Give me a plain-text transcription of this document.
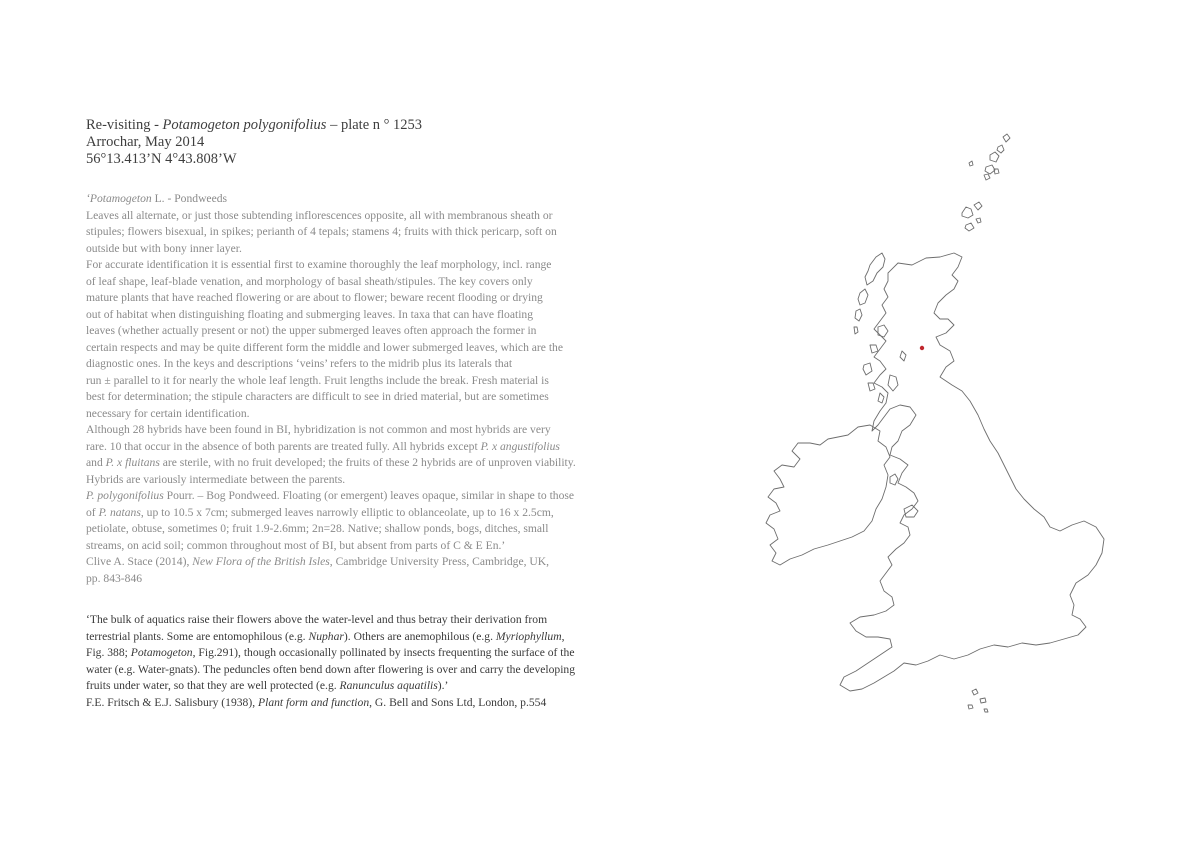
Re-visiting - Potamogeton polygonifolius – plate n ° 1253
Arrochar, May 2014
56°13.413’N 4°43.808’W
‘Potamogeton L. - Pondweeds
Leaves all alternate, or just those subtending inflorescences opposite, all with membranous sheath or
stipules; flowers bisexual, in spikes; perianth of 4 tepals; stamens 4; fruits with thick pericarp, soft on
outside but with bony inner layer.
For accurate identification it is essential first to examine thoroughly the leaf morphology, incl. range
of leaf shape, leaf-blade venation, and morphology of basal sheath/stipules. The key covers only
mature plants that have reached flowering or are about to flower; beware recent flooding or drying
out of habitat when distinguishing floating and submerging leaves. In taxa that can have floating
leaves (whether actually present or not) the upper submerged leaves often approach the former in
certain respects and may be quite different form the middle and lower submerged leaves, which are the
diagnostic ones. In the keys and descriptions ‘veins’ refers to the midrib plus its laterals that
run ± parallel to it for nearly the whole leaf length. Fruit lengths include the break. Fresh material is
best for determination; the stipule characters are difficult to see in dried material, but are sometimes
necessary for certain identification.
Although 28 hybrids have been found in BI, hybridization is not common and most hybrids are very
rare. 10 that occur in the absence of both parents are treated fully. All hybrids except P. x angustifolius
and P. x fluitans are sterile, with no fruit developed; the fruits of these 2 hybrids are of unproven viability.
Hybrids are variously intermediate between the parents.
P. polygonifolius Pourr. – Bog Pondweed. Floating (or emergent) leaves opaque, similar in shape to those
of P. natans, up to 10.5 x 7cm; submerged leaves narrowly elliptic to oblanceolate, up to 16 x 2.5cm,
petiolate, obtuse, sometimes 0; fruit 1.9-2.6mm; 2n=28. Native; shallow ponds, bogs, ditches, small
streams, on acid soil; common throughout most of BI, but absent from parts of C & E En.’
Clive A. Stace (2014), New Flora of the British Isles, Cambridge University Press, Cambridge, UK,
pp. 843-846
‘The bulk of aquatics raise their flowers above the water-level and thus betray their derivation from
terrestrial plants. Some are entomophilous (e.g. Nuphar). Others are anemophilous (e.g. Myriophyllum,
Fig. 388; Potamogeton, Fig.291), though occasionally pollinated by insects frequenting the surface of the
water (e.g. Water-gnats). The peduncles often bend down after flowering is over and carry the developing
fruits under water, so that they are well protected (e.g. Ranunculus aquatilis).’
F.E. Fritsch & E.J. Salisbury (1938), Plant form and function, G. Bell and Sons Ltd, London, p.554
